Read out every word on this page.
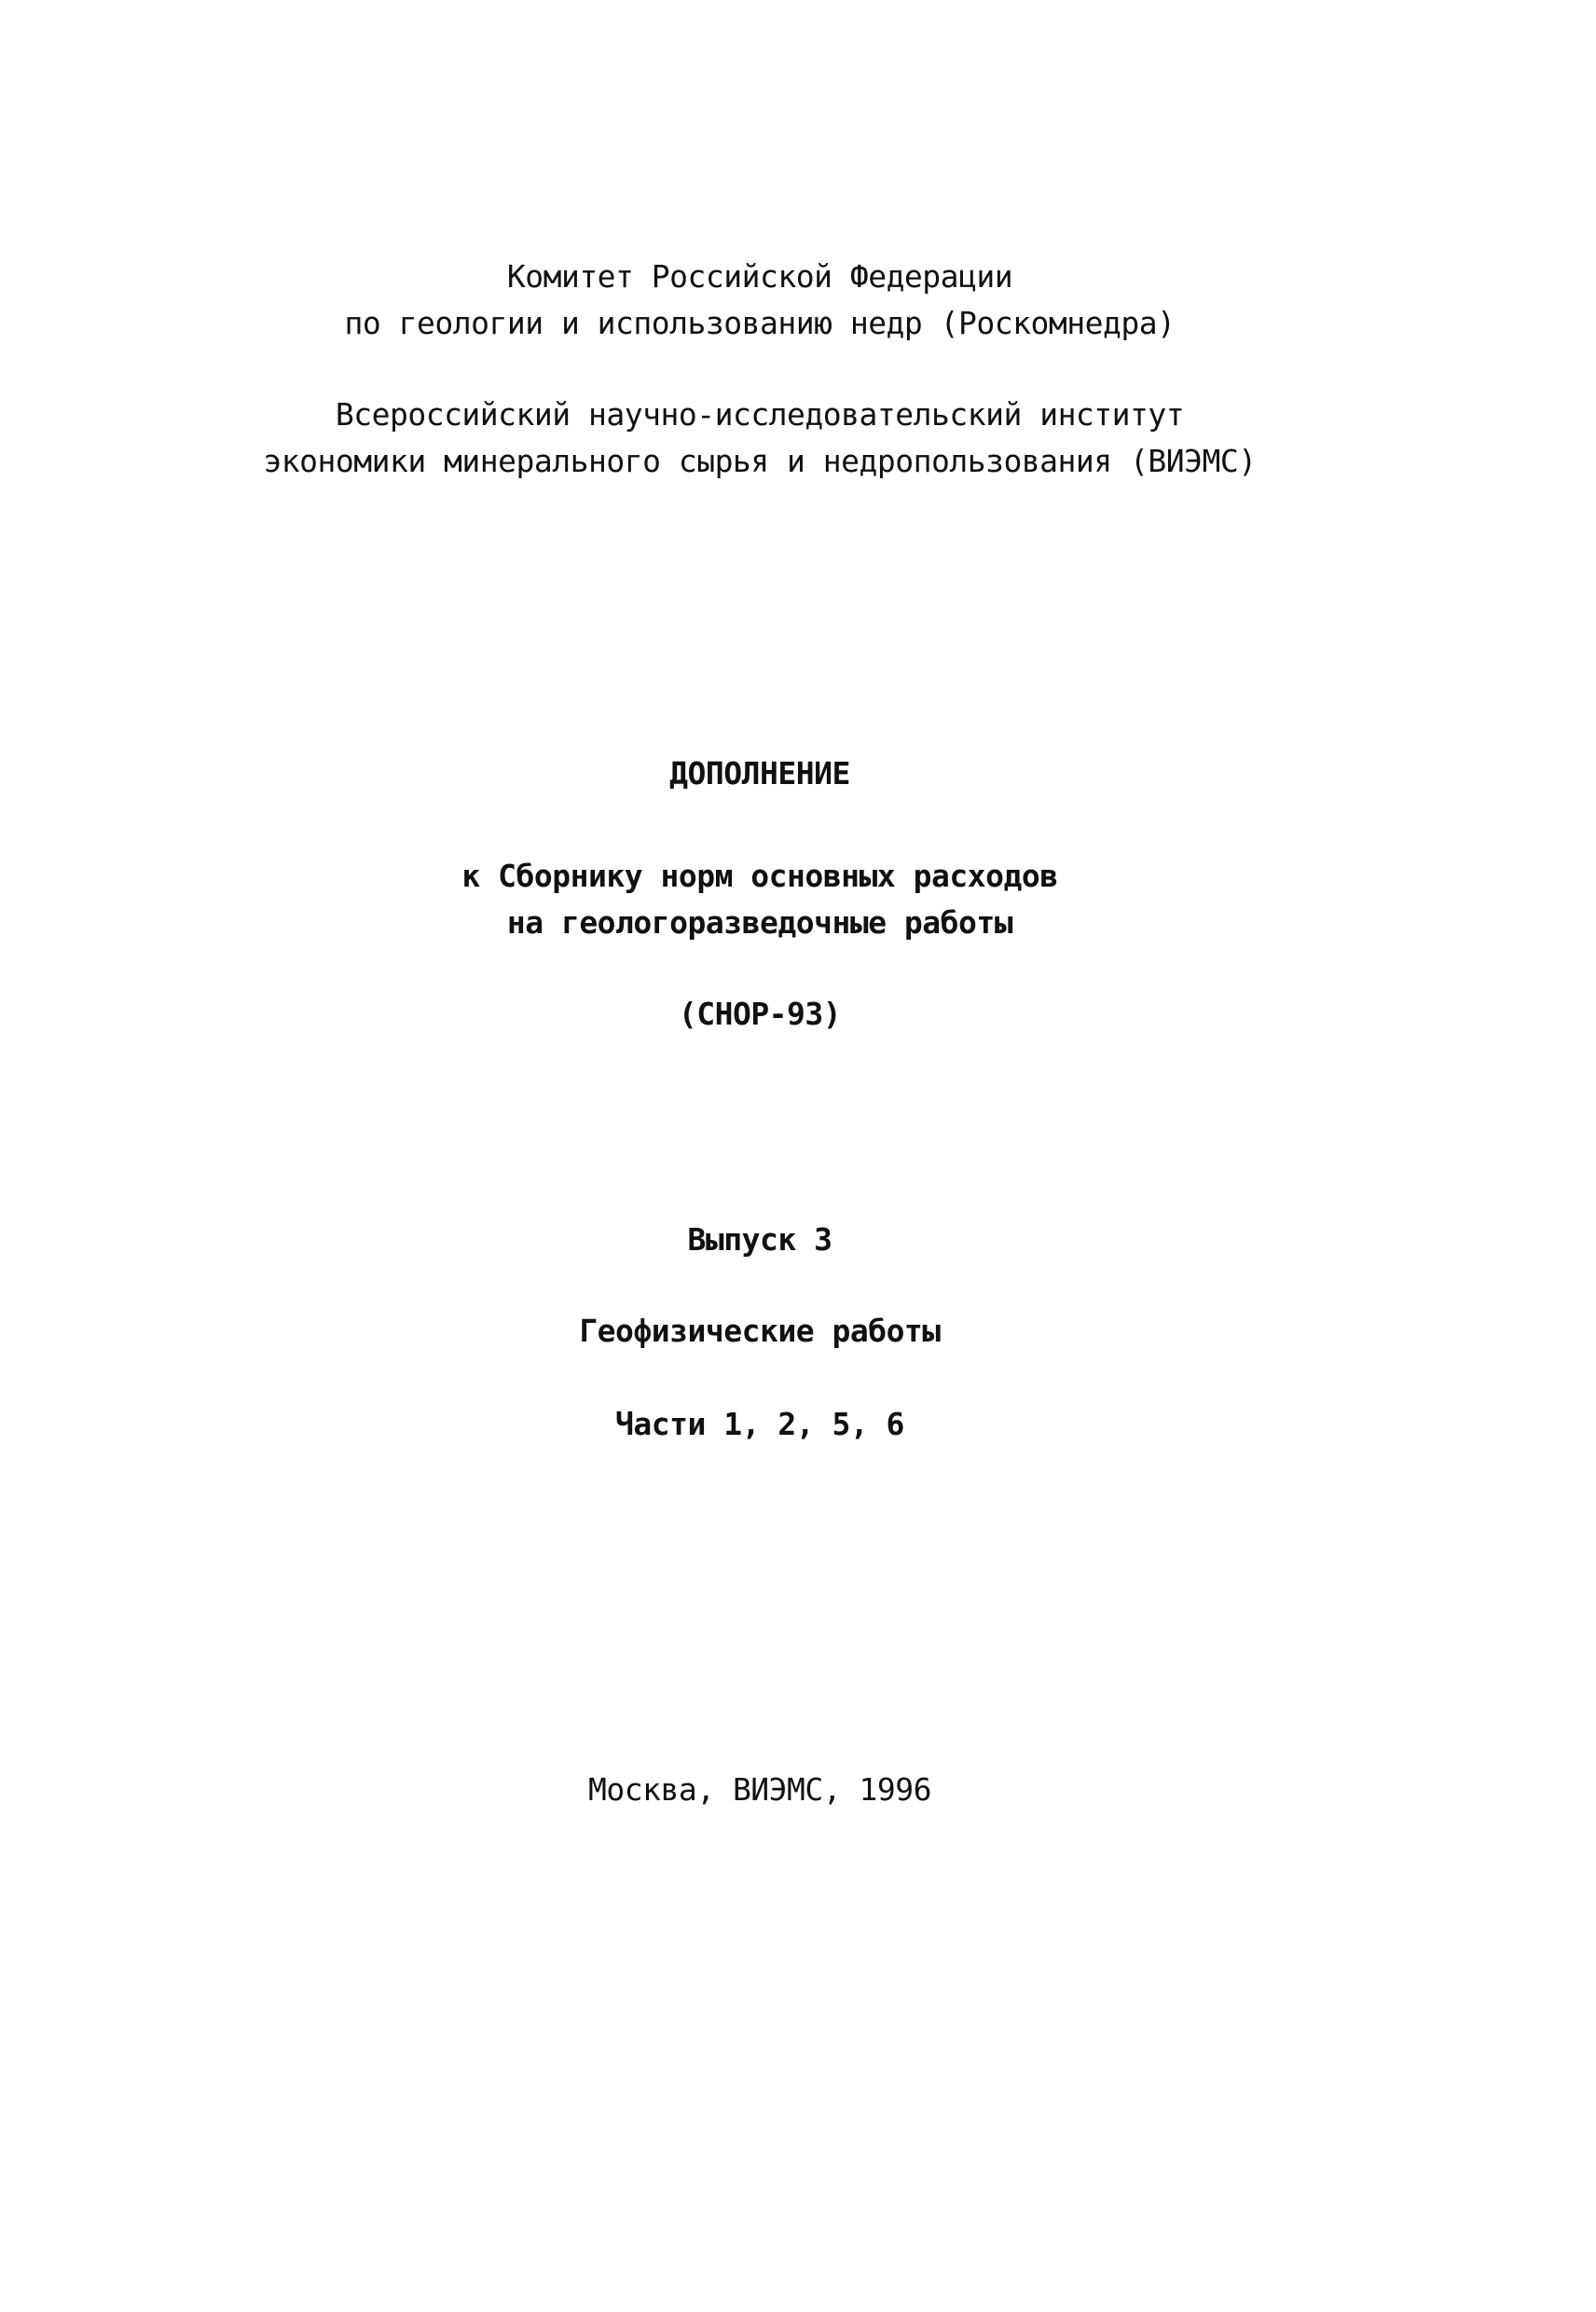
Комитет Российской Федерации
по геологии и использованию недр (Роскомнедра)
Всероссийский научно-исследовательский институт
экономики минерального сырья и недропользования (ВИЭМС)
ДОПОЛНЕНИЕ
к Сборнику норм основных расходов
на геологоразведочные работы
(СНОР-93)
Выпуск 3
Геофизические работы
Части 1, 2, 5, 6
Москва, ВИЭМС, 1996
